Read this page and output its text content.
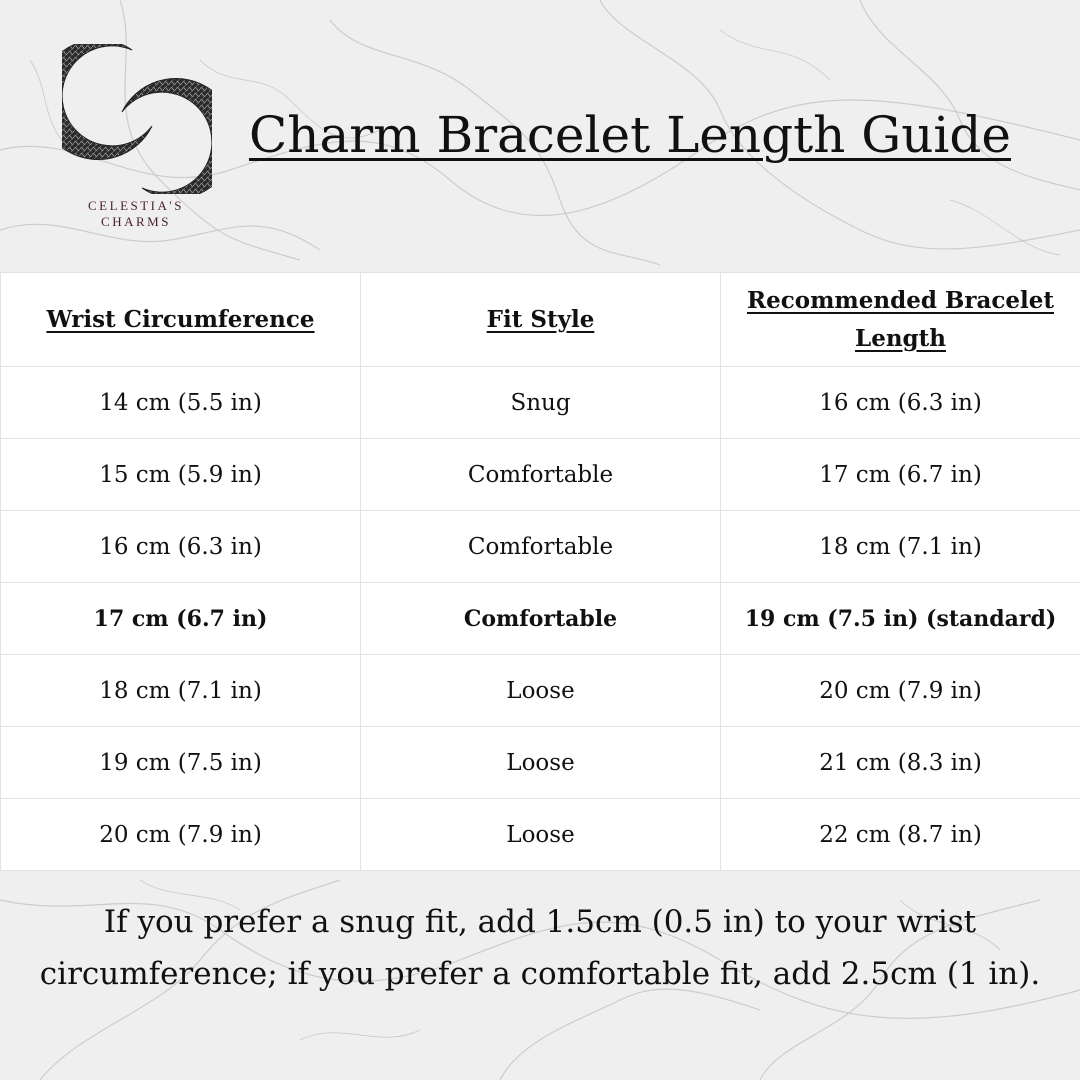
CELESTIA'S
CHARMS
Charm Bracelet Length Guide
Wrist Circumference	Fit Style	Recommended Bracelet Length
14 cm (5.5 in)	Snug	16 cm (6.3 in)
15 cm (5.9 in)	Comfortable	17 cm (6.7 in)
16 cm (6.3 in)	Comfortable	18 cm (7.1 in)
17 cm (6.7 in)	Comfortable	19 cm (7.5 in) (standard)
18 cm (7.1 in)	Loose	20 cm (7.9 in)
19 cm (7.5 in)	Loose	21 cm (8.3 in)
20 cm (7.9 in)	Loose	22 cm (8.7 in)
If you prefer a snug fit, add 1.5cm (0.5 in) to your wrist
circumference; if you prefer a comfortable fit, add 2.5cm (1 in).
